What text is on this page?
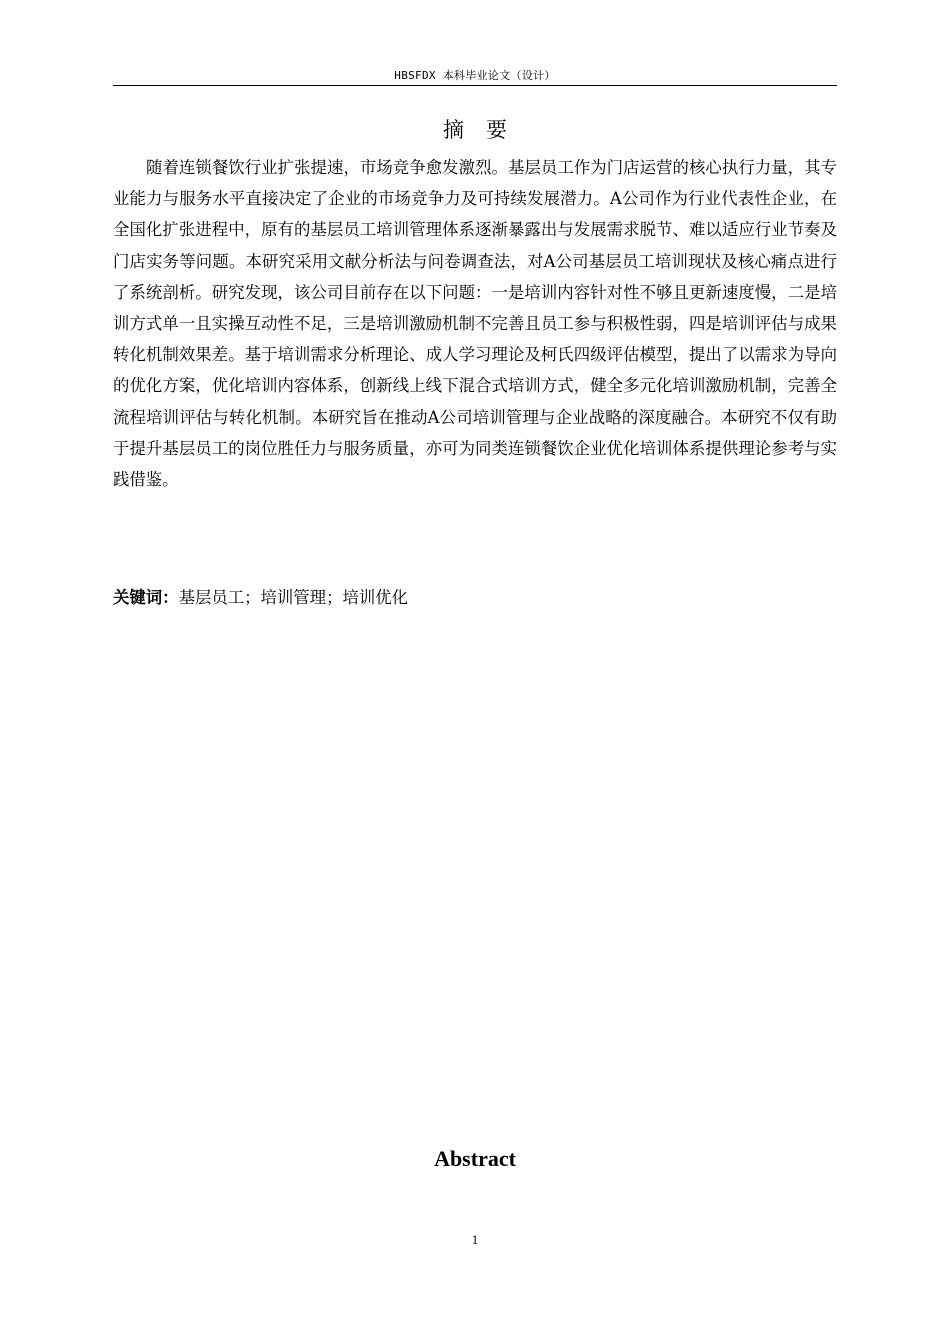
HBSFDX 本科毕业论文（设计）
摘要

随着连锁餐饮行业扩张提速，市场竞争愈发激烈。基层员工作为门店运营的核心执行力量，其专业能力与服务水平直接决定了企业的市场竞争力及可持续发展潜力。A公司作为行业代表性企业，在全国化扩张进程中，原有的基层员工培训管理体系逐渐暴露出与发展需求脱节、难以适应行业节奏及门店实务等问题。本研究采用文献分析法与问卷调查法，对A公司基层员工培训现状及核心痛点进行了系统剖析。研究发现，该公司目前存在以下问题：一是培训内容针对性不够且更新速度慢，二是培训方式单一且实操互动性不足，三是培训激励机制不完善且员工参与积极性弱，四是培训评估与成果转化机制效果差。基于培训需求分析理论、成人学习理论及柯氏四级评估模型，提出了以需求为导向的优化方案，优化培训内容体系，创新线上线下混合式培训方式，健全多元化培训激励机制，完善全流程培训评估与转化机制。本研究旨在推动A公司培训管理与企业战略的深度融合。本研究不仅有助于提升基层员工的岗位胜任力与服务质量，亦可为同类连锁餐饮企业优化培训体系提供理论参考与实践借鉴。

关键词：基层员工；培训管理；培训优化
Abstract
1
